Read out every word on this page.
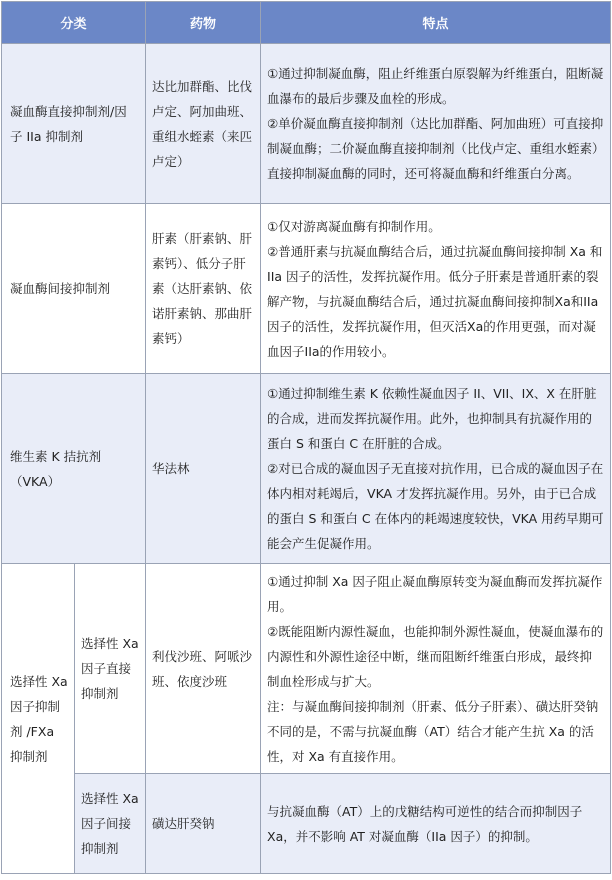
分类		药物	特点
凝血酶直接抑制剂/因子 IIa 抑制剂		达比加群酯、比伐卢定、阿加曲班、重组水蛭素（来匹卢定）	①通过抑制凝血酶，阻止纤维蛋白原裂解为纤维蛋白，阻断凝血瀑布的最后步骤及血栓的形成。

②单价凝血酶直接抑制剂（达比加群酯、阿加曲班）可直接抑制凝血酶；二价凝血酶直接抑制剂（比伐卢定、重组水蛭素）直接抑制凝血酶的同时，还可将凝血酶和纤维蛋白分离。

凝血酶间接抑制剂		肝素（肝素钠、肝素钙）、低分子肝素（达肝素钠、依诺肝素钠、那曲肝素钙）	①仅对游离凝血酶有抑制作用。

②普通肝素与抗凝血酶结合后，通过抗凝血酶间接抑制 Xa 和 IIa 因子的活性，发挥抗凝作用。低分子肝素是普通肝素的裂解产物，与抗凝血酶结合后，通过抗凝血酶间接抑制Xa和IIa因子的活性，发挥抗凝作用，但灭活Xa的作用更强，而对凝血因子IIa的作用较小。

维生素 K 拮抗剂（VKA）		华法林	①通过抑制维生素 K 依赖性凝血因子 II、VII、IX、X 在肝脏的合成，进而发挥抗凝作用。此外，也抑制具有抗凝作用的蛋白 S 和蛋白 C 在肝脏的合成。

②对已合成的凝血因子无直接对抗作用，已合成的凝血因子在体内相对耗竭后，VKA 才发挥抗凝作用。另外，由于已合成的蛋白 S 和蛋白 C 在体内的耗竭速度较快，VKA 用药早期可能会产生促凝作用。

选择性 Xa 因子抑制剂 /FXa 抑制剂	选择性 Xa 因子直接抑制剂	利伐沙班、阿哌沙班、依度沙班	①通过抑制 Xa 因子阻止凝血酶原转变为凝血酶而发挥抗凝作用。

②既能阻断内源性凝血，也能抑制外源性凝血，使凝血瀑布的内源性和外源性途径中断，继而阻断纤维蛋白形成，最终抑制血栓形成与扩大。

注：与凝血酶间接抑制剂（肝素、低分子肝素）、磺达肝癸钠不同的是，不需与抗凝血酶（AT）结合才能产生抗 Xa 的活性，对 Xa 有直接作用。

	选择性 Xa 因子间接抑制剂	磺达肝癸钠	与抗凝血酶（AT）上的戊糖结构可逆性的结合而抑制因子 Xa，并不影响 AT 对凝血酶（IIa 因子）的抑制。
